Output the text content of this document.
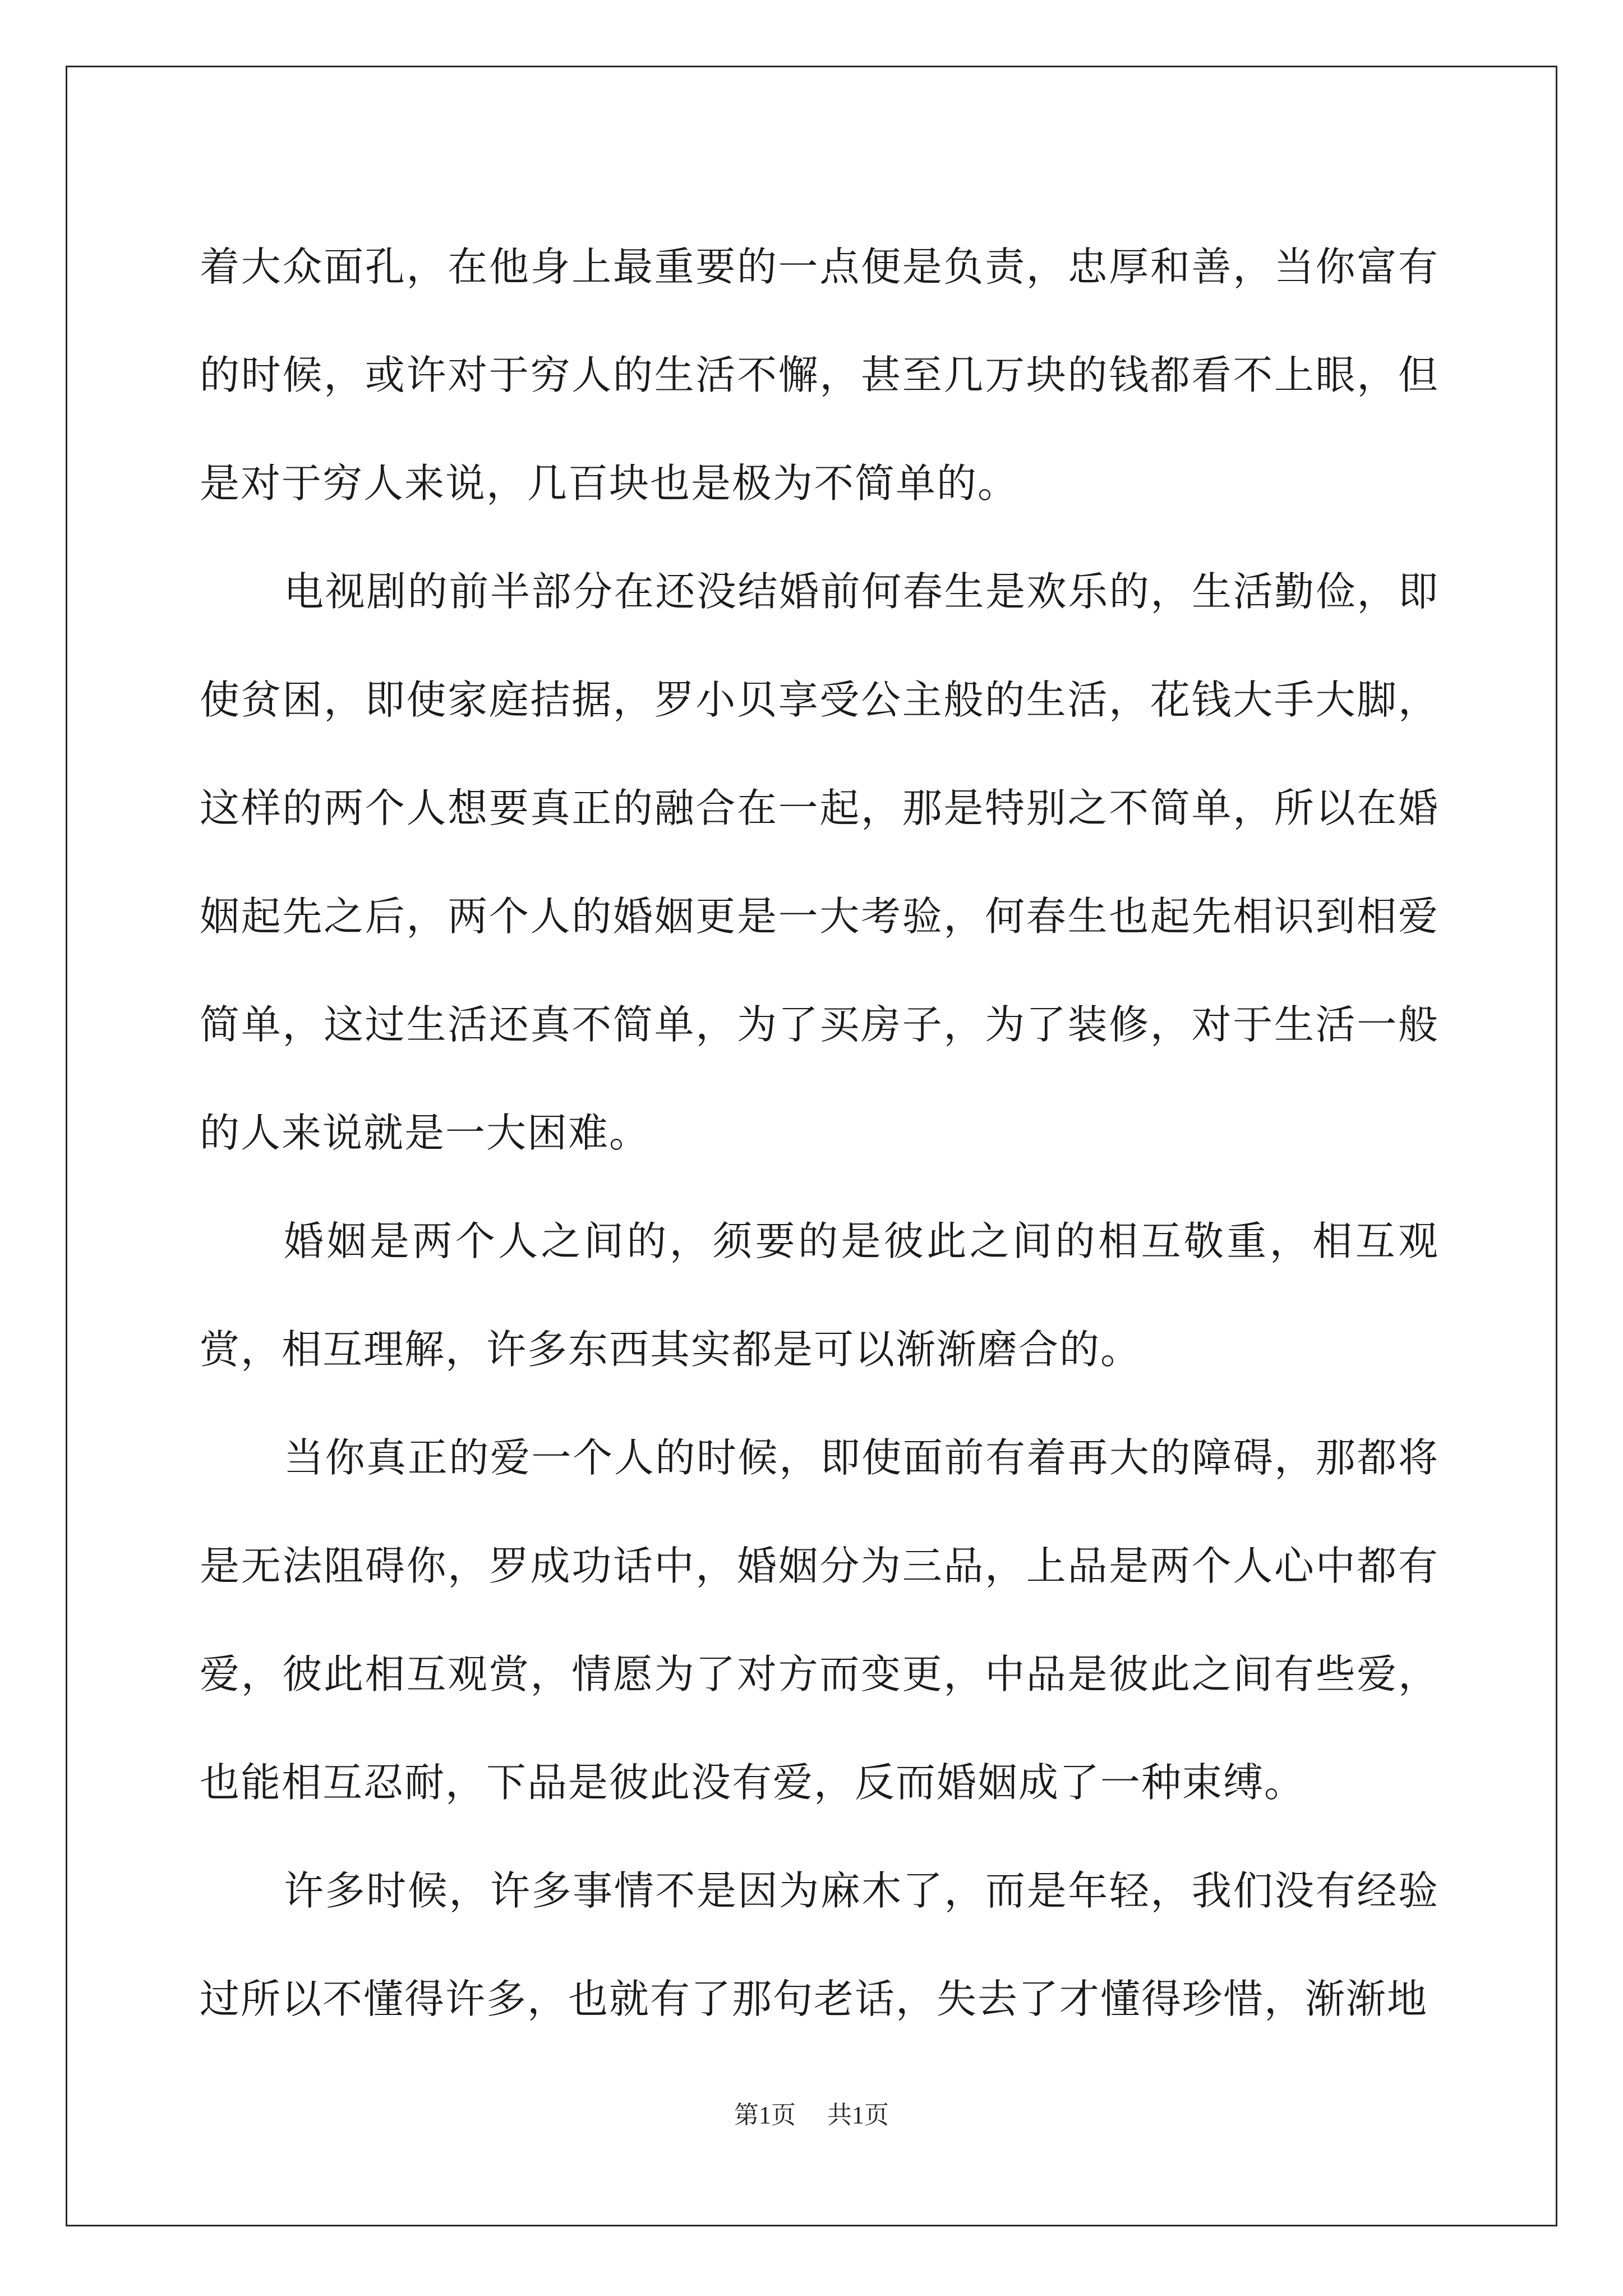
着大众面孔，在他身上最重要的一点便是负责，忠厚和善，当你富有的时候，或许对于穷人的生活不懈，甚至几万块的钱都看不上眼，但是对于穷人来说，几百块也是极为不简单的。

电视剧的前半部分在还没结婚前何春生是欢乐的，生活勤俭，即使贫困，即使家庭拮据，罗小贝享受公主般的生活，花钱大手大脚，这样的两个人想要真正的融合在一起，那是特别之不简单，所以在婚姻起先之后，两个人的婚姻更是一大考验，何春生也起先相识到相爱简单，这过生活还真不简单，为了买房子，为了装修，对于生活一般的人来说就是一大困难。

婚姻是两个人之间的，须要的是彼此之间的相互敬重，相互观赏，相互理解，许多东西其实都是可以渐渐磨合的。

当你真正的爱一个人的时候，即使面前有着再大的障碍，那都将是无法阻碍你，罗成功话中，婚姻分为三品，上品是两个人心中都有爱，彼此相互观赏，情愿为了对方而变更，中品是彼此之间有些爱，也能相互忍耐，下品是彼此没有爱，反而婚姻成了一种束缚。

许多时候，许多事情不是因为麻木了，而是年轻，我们没有经验过所以不懂得许多，也就有了那句老话，失去了才懂得珍惜，渐渐地

第1页 共1页
